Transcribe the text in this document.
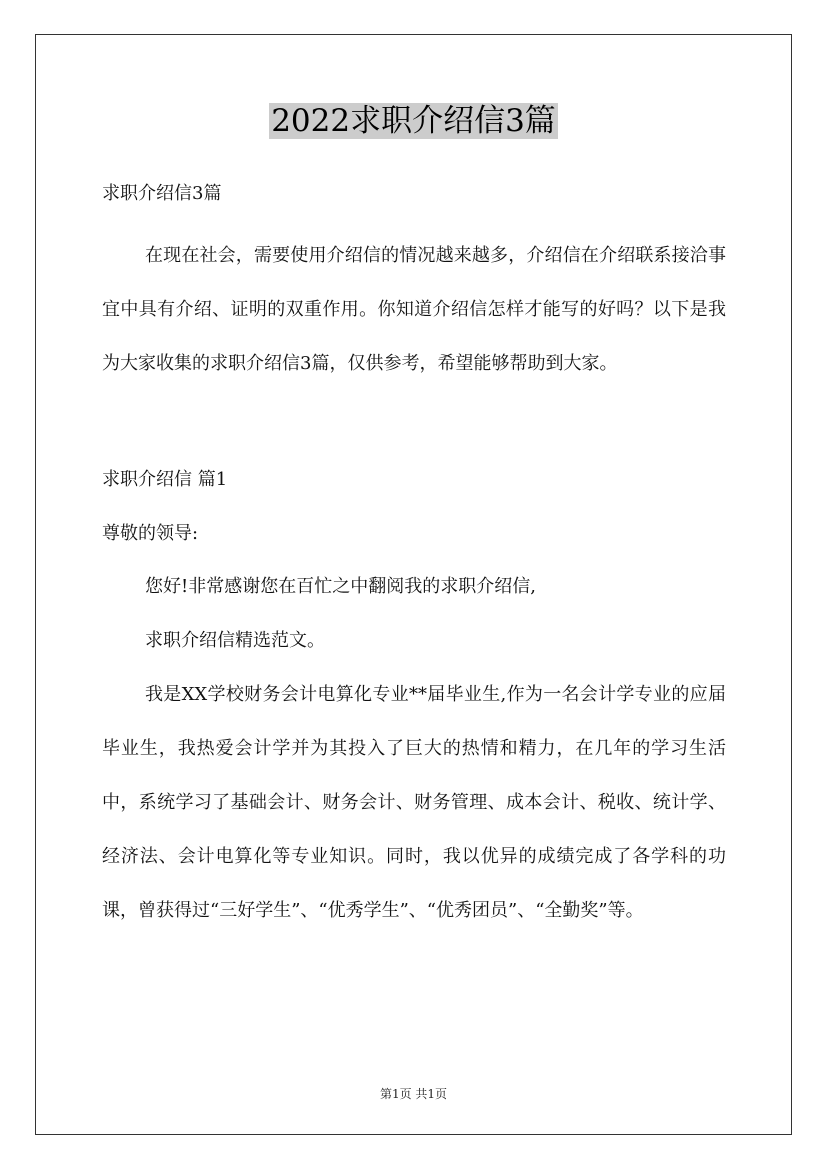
2022求职介绍信3篇

求职介绍信3篇

在现在社会，需要使用介绍信的情况越来越多，介绍信在介绍联系接洽事宜中具有介绍、证明的双重作用。你知道介绍信怎样才能写的好吗？以下是我为大家收集的求职介绍信3篇，仅供参考，希望能够帮助到大家。

求职介绍信 篇1

尊敬的领导:

您好!非常感谢您在百忙之中翻阅我的求职介绍信,

求职介绍信精选范文。

我是XX学校财务会计电算化专业**届毕业生,作为一名会计学专业的应届毕业生，我热爱会计学并为其投入了巨大的热情和精力，在几年的学习生活中，系统学习了基础会计、财务会计、财务管理、成本会计、税收、统计学、经济法、会计电算化等专业知识。同时，我以优异的成绩完成了各学科的功课，曾获得过“三好学生”、“优秀学生”、“优秀团员”、“全勤奖”等。

第1页 共1页
